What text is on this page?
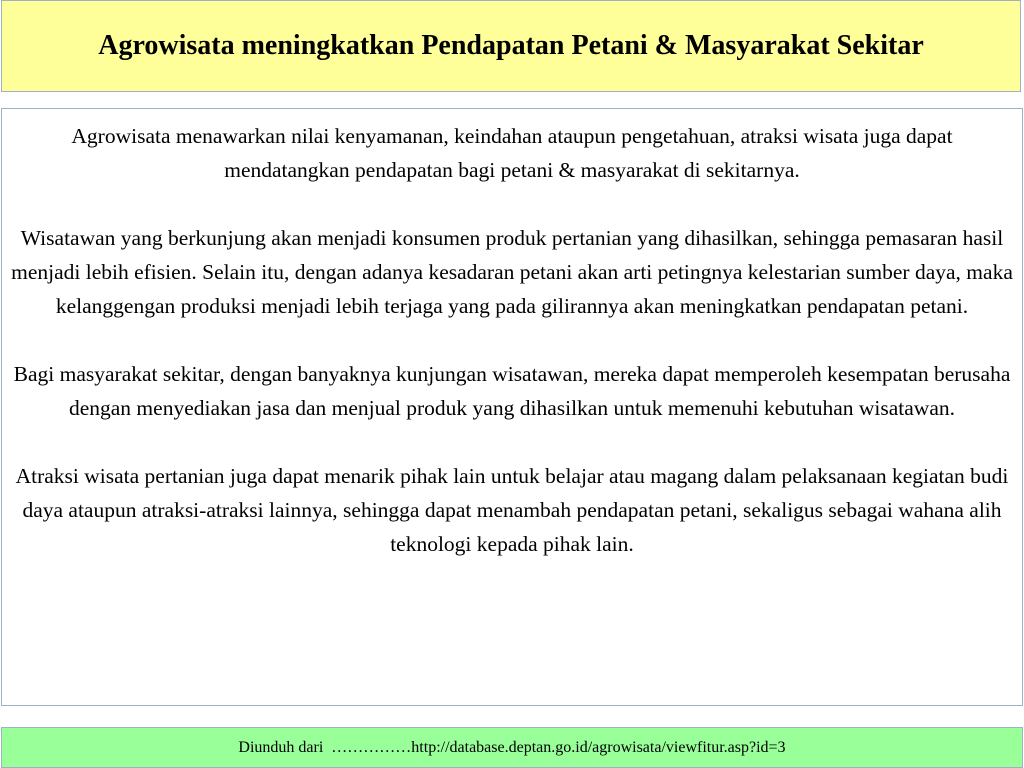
Agrowisata meningkatkan Pendapatan Petani & Masyarakat Sekitar

Agrowisata menawarkan nilai kenyamanan, keindahan ataupun pengetahuan, atraksi wisata juga dapat mendatangkan pendapatan bagi petani & masyarakat di sekitarnya.

Wisatawan yang berkunjung akan menjadi konsumen produk pertanian yang dihasilkan, sehingga pemasaran hasil menjadi lebih efisien. Selain itu, dengan adanya kesadaran petani akan arti petingnya kelestarian sumber daya, maka kelanggengan produksi menjadi lebih terjaga yang pada gilirannya akan meningkatkan pendapatan petani.

Bagi masyarakat sekitar, dengan banyaknya kunjungan wisatawan, mereka dapat memperoleh kesempatan berusaha dengan menyediakan jasa dan menjual produk yang dihasilkan untuk memenuhi kebutuhan wisatawan.

Atraksi wisata pertanian juga dapat menarik pihak lain untuk belajar atau magang dalam pelaksanaan kegiatan budi daya ataupun atraksi-atraksi lainnya, sehingga dapat menambah pendapatan petani, sekaligus sebagai wahana alih teknologi kepada pihak lain.

Diunduh dari  ……………http://database.deptan.go.id/agrowisata/viewfitur.asp?id=3
